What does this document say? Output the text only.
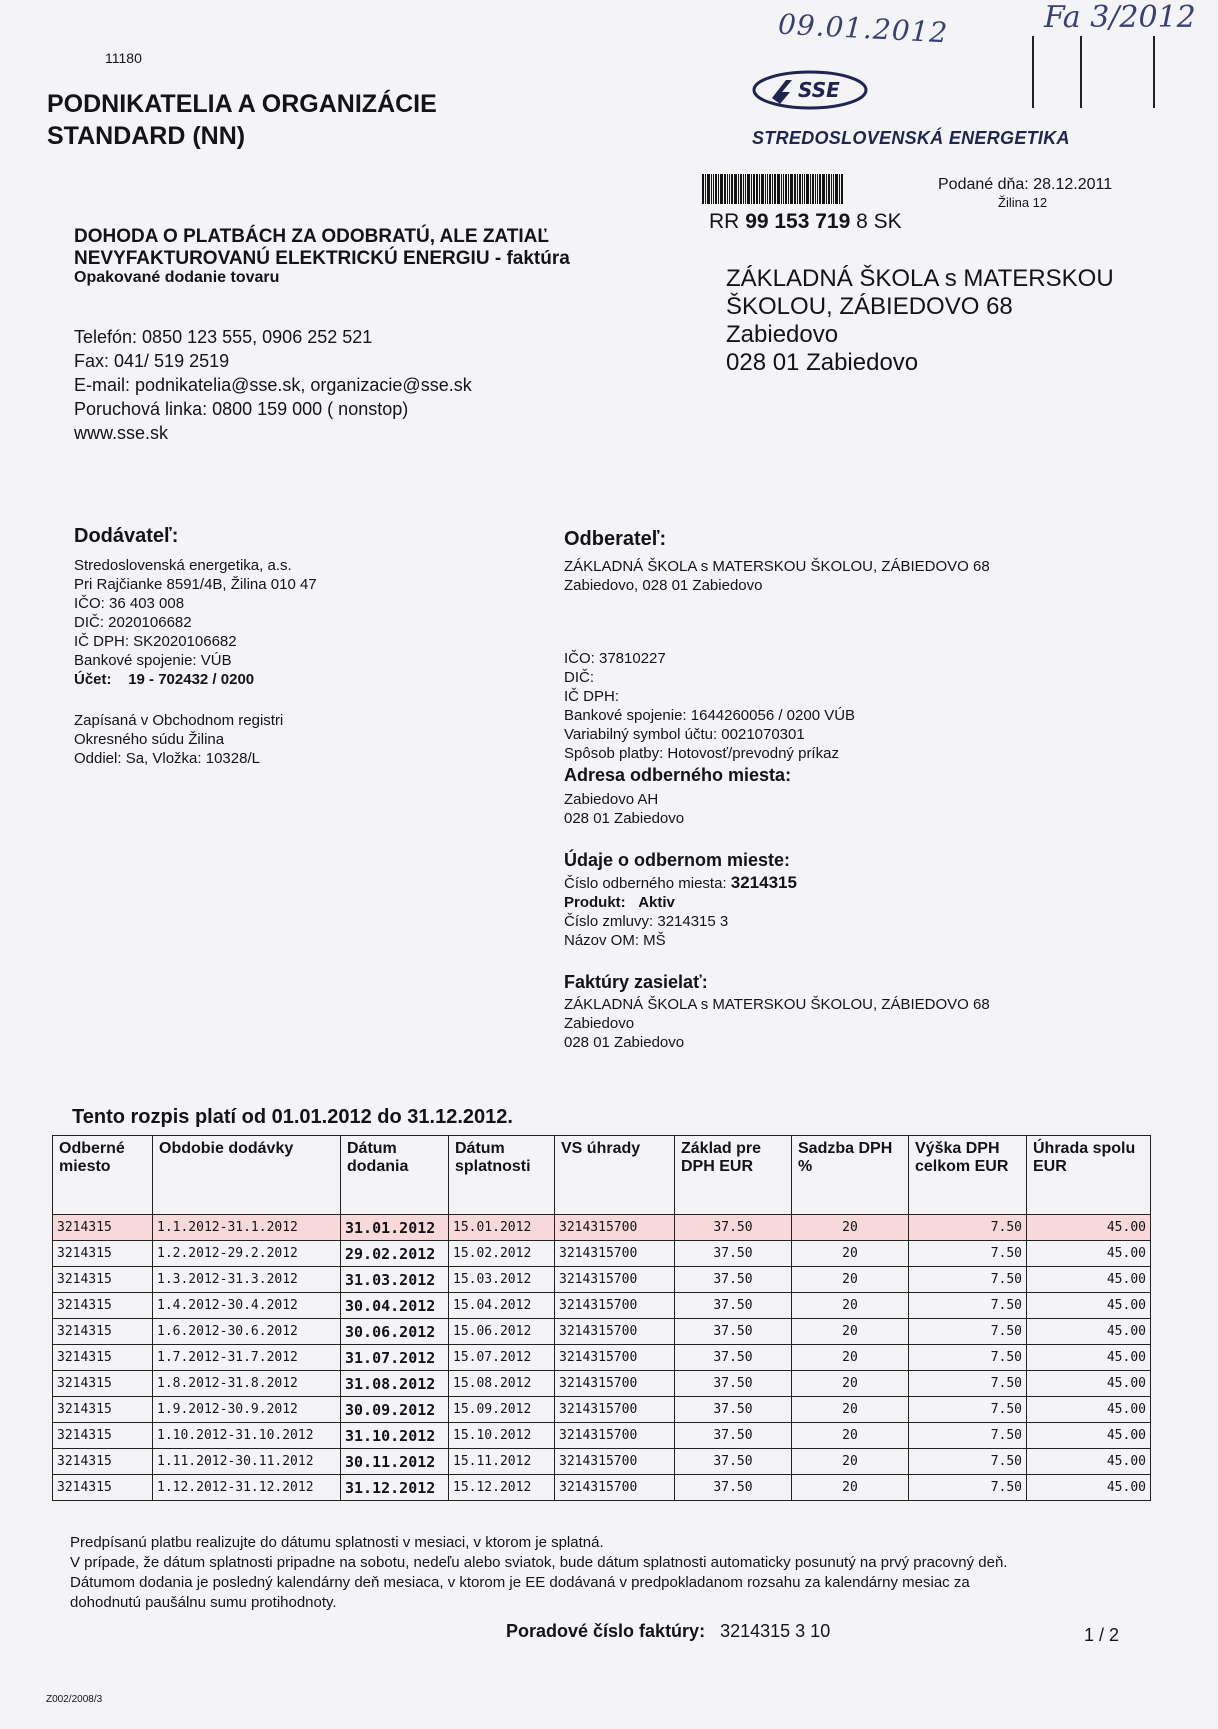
11180
PODNIKATELIA A ORGANIZÁCIE
STANDARD (NN)
09.01.2012	Fa 3/2012
SSE
STREDOSLOVENSKÁ ENERGETIKA
RR 99 153 719 8 SK
Podané dňa: 28.12.2011
Žilina 12
DOHODA O PLATBÁCH ZA ODOBRATÚ, ALE ZATIAĽ
NEVYFAKTUROVANÚ ELEKTRICKÚ ENERGIU - faktúra
Opakované dodanie tovaru	ZÁKLADNÁ ŠKOLA s MATERSKOU
ŠKOLOU, ZÁBIEDOVO 68
Zabiedovo
028 01 Zabiedovo
Telefón: 0850 123 555, 0906 252 521
Fax: 041/ 519 2519
E-mail: podnikatelia@sse.sk, organizacie@sse.sk
Poruchová linka: 0800 159 000 ( nonstop)
www.sse.sk
Dodávateľ:
Stredoslovenská energetika, a.s.
Pri Rajčianke 8591/4B, Žilina 010 47
IČO: 36 403 008
DIČ: 2020106682
IČ DPH: SK2020106682
Bankové spojenie: VÚB
Účet: 19 - 702432 / 0200
Zapísaná v Obchodnom registri
Okresného súdu Žilina
Oddiel: Sa, Vložka: 10328/L
Odberateľ:
ZÁKLADNÁ ŠKOLA s MATERSKOU ŠKOLOU, ZÁBIEDOVO 68
Zabiedovo, 028 01 Zabiedovo
IČO: 37810227
DIČ:
IČ DPH:
Bankové spojenie: 1644260056 / 0200 VÚB
Variabilný symbol účtu: 0021070301
Spôsob platby: Hotovosť/prevodný príkaz
Adresa odberného miesta:
Zabiedovo AH
028 01 Zabiedovo
Údaje o odbernom mieste:
Číslo odberného miesta: 3214315
Produkt: Aktiv
Číslo zmluvy: 3214315 3
Názov OM: MŠ
Faktúry zasielať:
ZÁKLADNÁ ŠKOLA s MATERSKOU ŠKOLOU, ZÁBIEDOVO 68
Zabiedovo
028 01 Zabiedovo
Tento rozpis platí od 01.01.2012 do 31.12.2012.
Odberné miesto	Obdobie dodávky	Dátum dodania	Dátum splatnosti	VS úhrady	Základ pre DPH EUR	Sadzba DPH %	Výška DPH celkom EUR	Úhrada spolu EUR
3214315	1.1.2012-31.1.2012	31.01.2012	15.01.2012	3214315700	37.50	20	7.50	45.00
3214315	1.2.2012-29.2.2012	29.02.2012	15.02.2012	3214315700	37.50	20	7.50	45.00
3214315	1.3.2012-31.3.2012	31.03.2012	15.03.2012	3214315700	37.50	20	7.50	45.00
3214315	1.4.2012-30.4.2012	30.04.2012	15.04.2012	3214315700	37.50	20	7.50	45.00
3214315	1.6.2012-30.6.2012	30.06.2012	15.06.2012	3214315700	37.50	20	7.50	45.00
3214315	1.7.2012-31.7.2012	31.07.2012	15.07.2012	3214315700	37.50	20	7.50	45.00
3214315	1.8.2012-31.8.2012	31.08.2012	15.08.2012	3214315700	37.50	20	7.50	45.00
3214315	1.9.2012-30.9.2012	30.09.2012	15.09.2012	3214315700	37.50	20	7.50	45.00
3214315	1.10.2012-31.10.2012	31.10.2012	15.10.2012	3214315700	37.50	20	7.50	45.00
3214315	1.11.2012-30.11.2012	30.11.2012	15.11.2012	3214315700	37.50	20	7.50	45.00
3214315	1.12.2012-31.12.2012	31.12.2012	15.12.2012	3214315700	37.50	20	7.50	45.00
Predpísanú platbu realizujte do dátumu splatnosti v mesiaci, v ktorom je splatná.
V prípade, že dátum splatnosti pripadne na sobotu, nedeľu alebo sviatok, bude dátum splatnosti automaticky posunutý na prvý pracovný deň.
Dátumom dodania je posledný kalendárny deň mesiaca, v ktorom je EE dodávaná v predpokladanom rozsahu za kalendárny mesiac za
dohodnutú paušálnu sumu protihodnoty.
Poradové číslo faktúry: 3214315 3 10	1 / 2
Z002/2008/3
